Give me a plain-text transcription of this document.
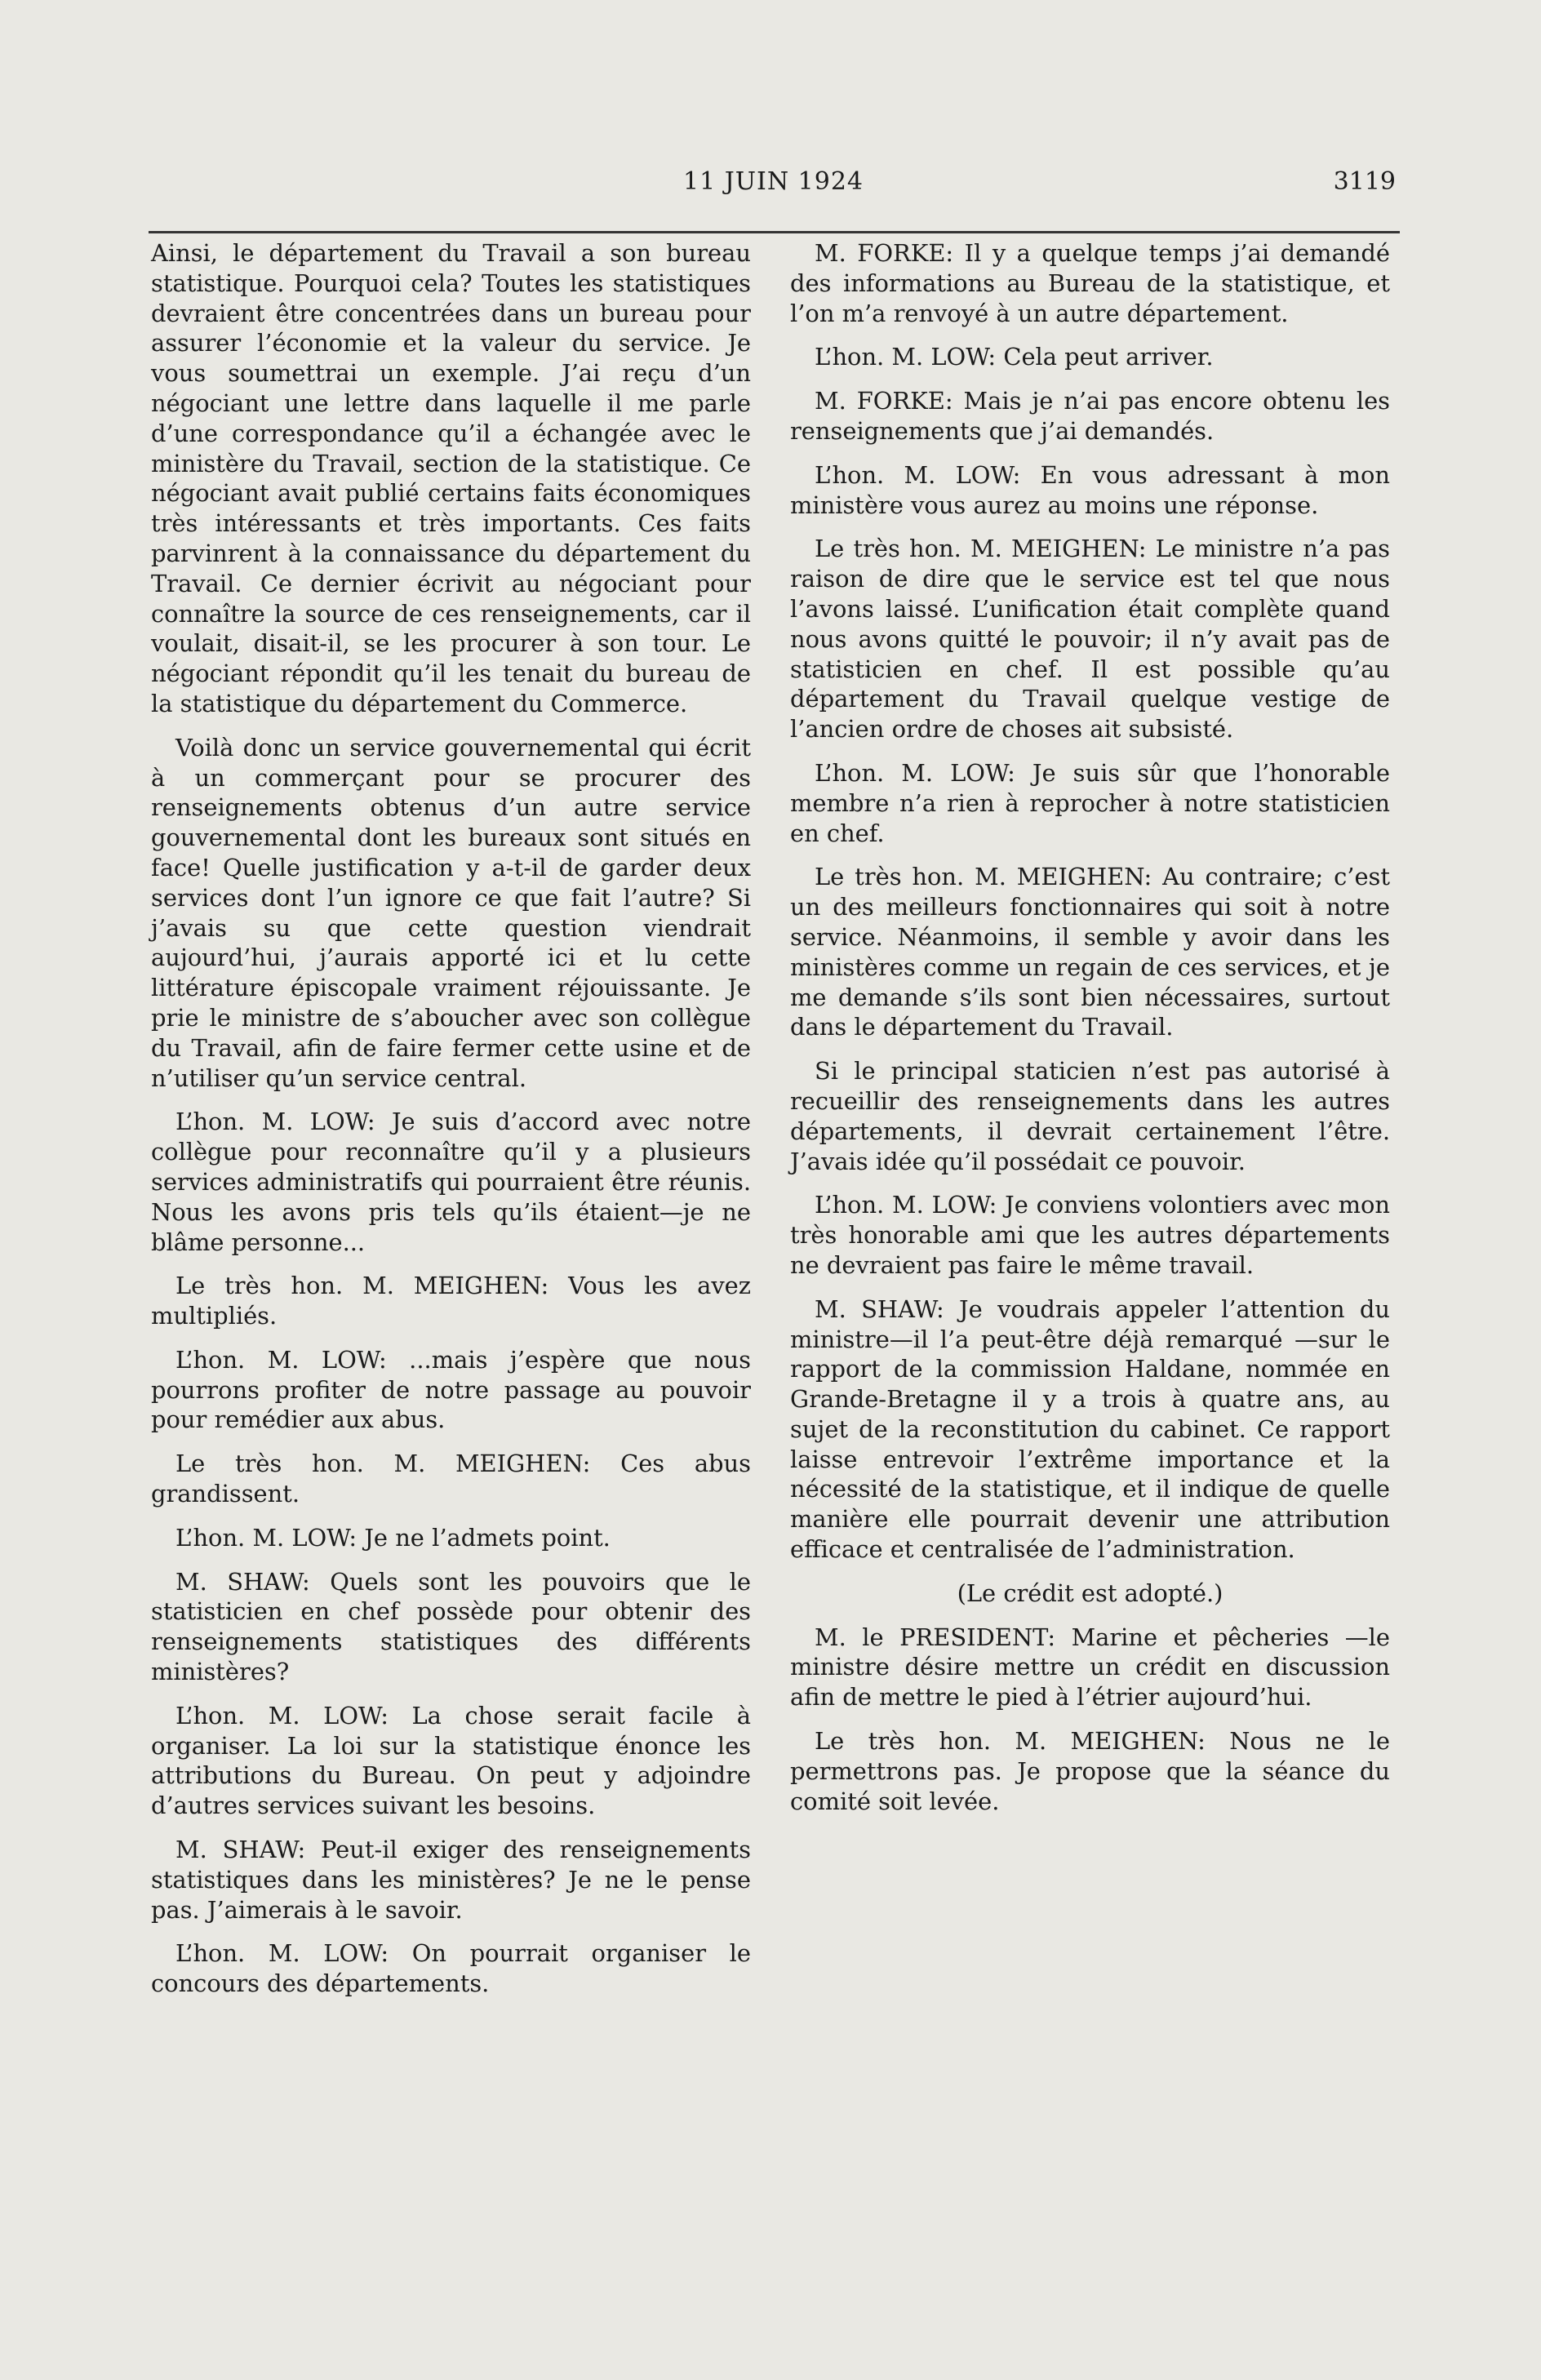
11 JUIN 1924	3119

Ainsi, le département du Travail a son bureau statistique. Pourquoi cela? Toutes les statistiques devraient être concentrées dans un bureau pour assurer l’économie et la valeur du service. Je vous soumettrai un exemple. J’ai reçu d’un négociant une lettre dans laquelle il me parle d’une correspondance qu’il a échangée avec le ministère du Travail, section de la statistique. Ce négociant avait publié certains faits économiques très intéressants et très importants. Ces faits parvinrent à la connaissance du département du Travail. Ce dernier écrivit au négociant pour connaître la source de ces renseignements, car il voulait, disait-il, se les procurer à son tour. Le négociant répondit qu’il les tenait du bureau de la statistique du département du Commerce.

Voilà donc un service gouvernemental qui écrit à un commerçant pour se procurer des renseignements obtenus d’un autre service gouvernemental dont les bureaux sont situés en face! Quelle justification y a-t-il de garder deux services dont l’un ignore ce que fait l’autre? Si j’avais su que cette question viendrait aujourd’hui, j’aurais apporté ici et lu cette littérature épiscopale vraiment réjouissante. Je prie le ministre de s’aboucher avec son collègue du Travail, afin de faire fermer cette usine et de n’utiliser qu’un service central.

L’hon. M. LOW: Je suis d’accord avec notre collègue pour reconnaître qu’il y a plusieurs services administratifs qui pourraient être réunis. Nous les avons pris tels qu’ils étaient—je ne blâme personne...

Le très hon. M. MEIGHEN: Vous les avez multipliés.

L’hon. M. LOW: ...mais j’espère que nous pourrons profiter de notre passage au pouvoir pour remédier aux abus.

Le très hon. M. MEIGHEN: Ces abus grandissent.

L’hon. M. LOW: Je ne l’admets point.

M. SHAW: Quels sont les pouvoirs que le statisticien en chef possède pour obtenir des renseignements statistiques des différents ministères?

L’hon. M. LOW: La chose serait facile à organiser. La loi sur la statistique énonce les attributions du Bureau. On peut y adjoindre d’autres services suivant les besoins.

M. SHAW: Peut-il exiger des renseignements statistiques dans les ministères? Je ne le pense pas. J’aimerais à le savoir.

L’hon. M. LOW: On pourrait organiser le concours des départements.

M. FORKE: Il y a quelque temps j’ai demandé des informations au Bureau de la statistique, et l’on m’a renvoyé à un autre département.

L’hon. M. LOW: Cela peut arriver.

M. FORKE: Mais je n’ai pas encore obtenu les renseignements que j’ai demandés.

L’hon. M. LOW: En vous adressant à mon ministère vous aurez au moins une réponse.

Le très hon. M. MEIGHEN: Le ministre n’a pas raison de dire que le service est tel que nous l’avons laissé. L’unification était complète quand nous avons quitté le pouvoir; il n’y avait pas de statisticien en chef. Il est possible qu’au département du Travail quelque vestige de l’ancien ordre de choses ait subsisté.

L’hon. M. LOW: Je suis sûr que l’honorable membre n’a rien à reprocher à notre statisticien en chef.

Le très hon. M. MEIGHEN: Au contraire; c’est un des meilleurs fonctionnaires qui soit à notre service. Néanmoins, il semble y avoir dans les ministères comme un regain de ces services, et je me demande s’ils sont bien nécessaires, surtout dans le département du Travail.

Si le principal staticien n’est pas autorisé à recueillir des renseignements dans les autres départements, il devrait certainement l’être. J’avais idée qu’il possédait ce pouvoir.

L’hon. M. LOW: Je conviens volontiers avec mon très honorable ami que les autres départements ne devraient pas faire le même travail.

M. SHAW: Je voudrais appeler l’attention du ministre—il l’a peut-être déjà remarqué —sur le rapport de la commission Haldane, nommée en Grande-Bretagne il y a trois à quatre ans, au sujet de la reconstitution du cabinet. Ce rapport laisse entrevoir l’extrême importance et la nécessité de la statistique, et il indique de quelle manière elle pourrait devenir une attribution efficace et centralisée de l’administration.

(Le crédit est adopté.)

M. le PRESIDENT: Marine et pêcheries —le ministre désire mettre un crédit en discussion afin de mettre le pied à l’étrier aujourd’hui.

Le très hon. M. MEIGHEN: Nous ne le permettrons pas. Je propose que la séance du comité soit levée.
